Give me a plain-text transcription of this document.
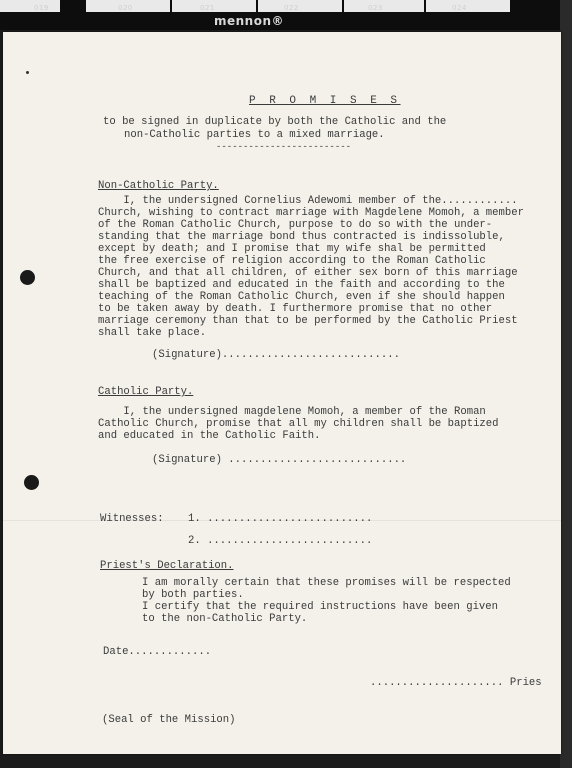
019	020	021	022	023	024
mennon®
P R O M I S E S
to be signed in duplicate by both the Catholic and the
non-Catholic parties to a mixed marriage.
-------------------------
Non-Catholic Party.
I, the undersigned Cornelius Adewomi member of the............
Church, wishing to contract marriage with Magdelene Momoh, a member
of the Roman Catholic Church, purpose to do so with the under-
standing that the marriage bond thus contracted is indissoluble,
except by death; and I promise that my wife shal be permitted
the free exercise of religion according to the Roman Catholic
Church, and that all children, of either sex born of this marriage
shall be baptized and educated in the faith and according to the
teaching of the Roman Catholic Church, even if she should happen
to be taken away by death. I furthermore promise that no other
marriage ceremony than that to be performed by the Catholic Priest
shall take place.
(Signature)............................
Catholic Party.
I, the undersigned magdelene Momoh, a member of the Roman
Catholic Church, promise that all my children shall be baptized
and educated in the Catholic Faith.
(Signature) ............................
Witnesses: 1. ..........................
2. ..........................
Priest's Declaration.
I am morally certain that these promises will be respected
by both parties.
I certify that the required instructions have been given
to the non-Catholic Party.
Date.............
..................... Pries
(Seal of the Mission)
